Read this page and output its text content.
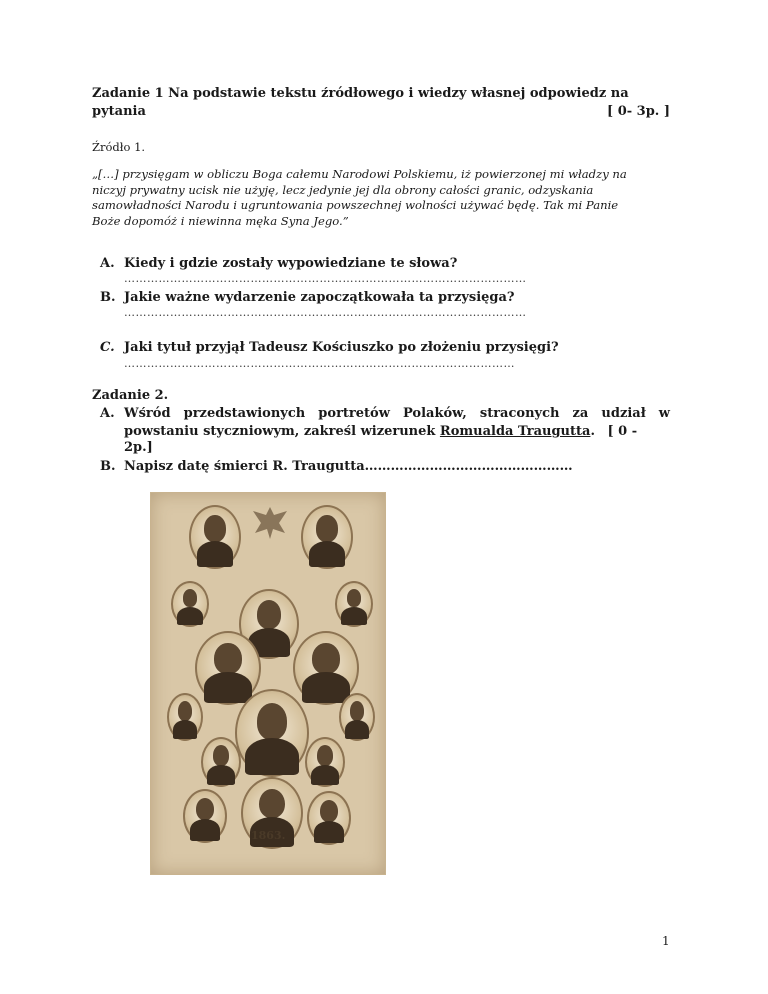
Zadanie 1 Na podstawie tekstu źródłowego i wiedzy własnej odpowiedz na
pytania	[ 0- 3p. ]
Źródło 1.
„[…] przysięgam w obliczu Boga całemu Narodowi Polskiemu, iż powierzonej mi władzy na
niczyj prywatny ucisk nie użyję, lecz jedynie jej dla obrony całości granic, odzyskania
samowładności Narodu i ugruntowania powszechnej wolności używać będę. Tak mi Panie
Boże dopomóż i niewinna męka Syna Jego.”
A. Kiedy i gdzie zostały wypowiedziane te słowa?
……………………………………………………………………………………………
B. Jakie ważne wydarzenie zapoczątkowała ta przysięga?
……………………………………………………………………………………………
C. Jaki tytuł przyjął Tadeusz Kościuszko po złożeniu przysięgi?
…………………………………………………………………………………………
Zadanie 2.
A. Wśród przedstawionych portretów Polaków, straconych za udział w
powstaniu styczniowym, zakreśl wizerunek Romualda Traugutta. [ 0 - 2p.]
B. Napisz datę śmierci R. Traugutta…………………………………………
1863.
1
